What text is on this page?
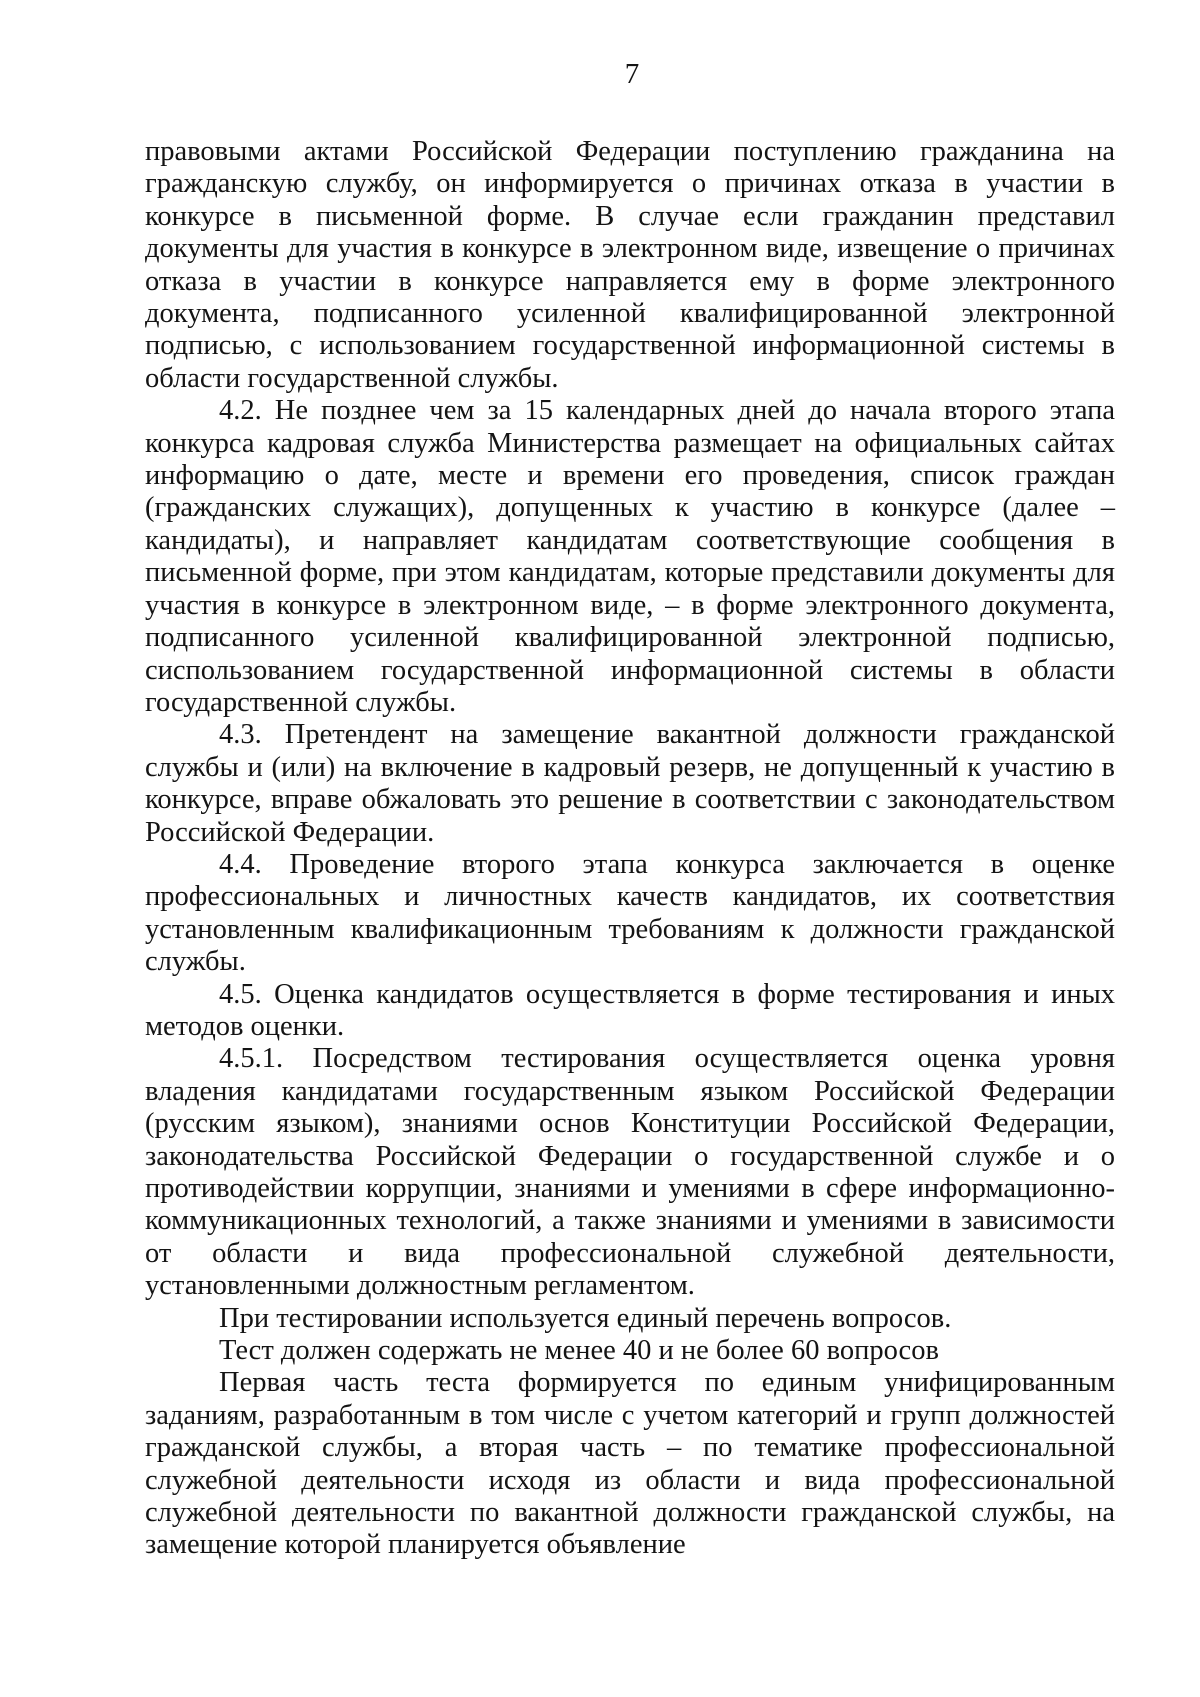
7

правовыми актами Российской Федерации поступлению гражданина на гражданскую службу, он информируется о причинах отказа в участии в конкурсе в письменной форме. В случае если гражданин представил документы для участия в конкурсе в электронном виде, извещение о причинах отказа в участии в конкурсе направляется ему в форме электронного документа, подписанного усиленной квалифицированной электронной подписью, с использованием государственной информационной системы в области государственной службы.

4.2. Не позднее чем за 15 календарных дней до начала второго этапа конкурса кадровая служба Министерства размещает на официальных сайтах информацию о дате, месте и времени его проведения, список граждан (гражданских служащих), допущенных к участию в конкурсе (далее – кандидаты), и направляет кандидатам соответствующие сообщения в письменной форме, при этом кандидатам, которые представили документы для участия в конкурсе в электронном виде, – в форме электронного документа, подписанного усиленной квалифицированной электронной подписью, сиспользованием государственной информационной системы в области государственной службы.

4.3. Претендент на замещение вакантной должности гражданской службы и (или) на включение в кадровый резерв, не допущенный к участию в конкурсе, вправе обжаловать это решение в соответствии с законодательством Российской Федерации.

4.4. Проведение второго этапа конкурса заключается в оценке профессиональных и личностных качеств кандидатов, их соответствия установленным квалификационным требованиям к должности гражданской службы.

4.5. Оценка кандидатов осуществляется в форме тестирования и иных методов оценки.

4.5.1. Посредством тестирования осуществляется оценка уровня владения кандидатами государственным языком Российской Федерации (русским языком), знаниями основ Конституции Российской Федерации, законодательства Российской Федерации о государственной службе и о противодействии коррупции, знаниями и умениями в сфере информационно-коммуникационных технологий, а также знаниями и умениями в зависимости от области и вида профессиональной служебной деятельности, установленными должностным регламентом.

При тестировании используется единый перечень вопросов.

Тест должен содержать не менее 40 и не более 60 вопросов

Первая часть теста формируется по единым унифицированным заданиям, разработанным в том числе с учетом категорий и групп должностей гражданской службы, а вторая часть – по тематике профессиональной служебной деятельности исходя из области и вида профессиональной служебной деятельности по вакантной должности гражданской службы, на замещение которой планируется объявление
